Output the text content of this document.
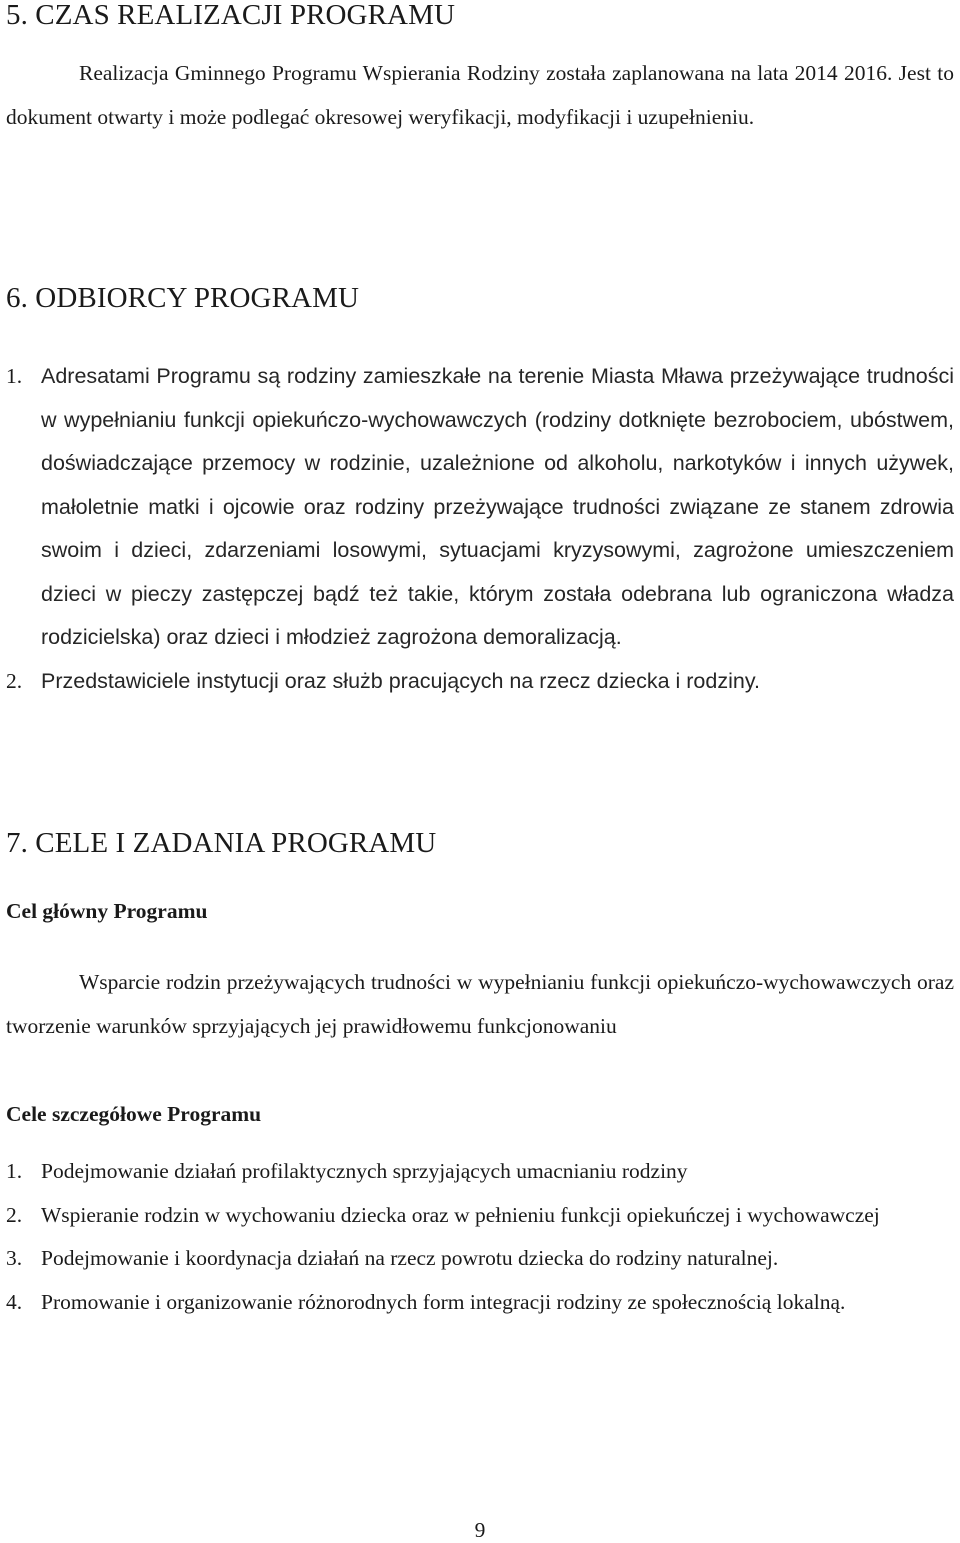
5. CZAS REALIZACJI PROGRAMU

Realizacja Gminnego Programu Wspierania Rodziny została zaplanowana na lata 2014 2016. Jest to dokument otwarty i może podlegać okresowej weryfikacji, modyfikacji i uzupełnieniu.

6. ODBIORCY PROGRAMU
1. Adresatami Programu są rodziny zamieszkałe na terenie Miasta Mława przeżywające trudności w wypełnianiu funkcji opiekuńczo-wychowawczych (rodziny dotknięte bezrobociem, ubóstwem, doświadczające przemocy w rodzinie, uzależnione od alkoholu, narkotyków i innych używek, małoletnie matki i ojcowie oraz rodziny przeżywające trudności związane ze stanem zdrowia swoim i dzieci, zdarzeniami losowymi, sytuacjami kryzysowymi, zagrożone umieszczeniem dzieci w pieczy zastępczej bądź też takie, którym została odebrana lub ograniczona władza rodzicielska) oraz dzieci i młodzież zagrożona demoralizacją.
2. Przedstawiciele instytucji oraz służb pracujących na rzecz dziecka i rodziny.
7. CELE I ZADANIA PROGRAMU
Cel główny Programu

Wsparcie rodzin przeżywających trudności w wypełnianiu funkcji opiekuńczo-wychowawczych oraz tworzenie warunków sprzyjających jej prawidłowemu funkcjonowaniu

Cele szczegółowe Programu
1. Podejmowanie działań profilaktycznych sprzyjających umacnianiu rodziny
2. Wspieranie rodzin w wychowaniu dziecka oraz w pełnieniu funkcji opiekuńczej i wychowawczej
3. Podejmowanie i koordynacja działań na rzecz powrotu dziecka do rodziny naturalnej.
4. Promowanie i organizowanie różnorodnych form integracji rodziny ze społecznością lokalną.
9
